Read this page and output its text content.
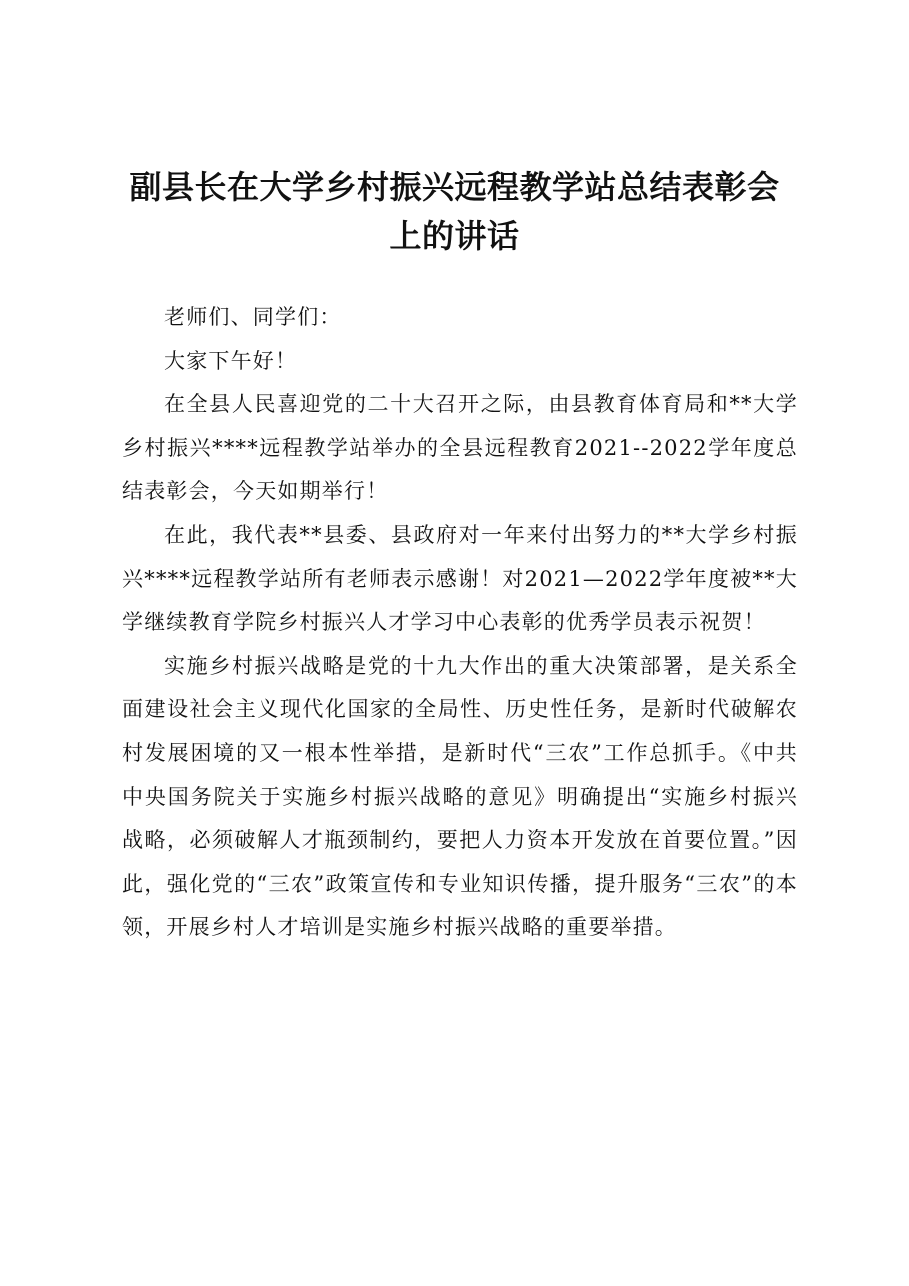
副县长在大学乡村振兴远程教学站总结表彰会
上的讲话

老师们、同学们：

大家下午好！

在全县人民喜迎党的二十大召开之际，由县教育体育局和**大学乡村振兴****远程教学站举办的全县远程教育2021--2022学年度总结表彰会，今天如期举行！

在此，我代表**县委、县政府对一年来付出努力的**大学乡村振兴****远程教学站所有老师表示感谢！对2021—2022学年度被**大学继续教育学院乡村振兴人才学习中心表彰的优秀学员表示祝贺！

实施乡村振兴战略是党的十九大作出的重大决策部署，是关系全面建设社会主义现代化国家的全局性、历史性任务，是新时代破解农村发展困境的又一根本性举措，是新时代“三农”工作总抓手。《中共中央国务院关于实施乡村振兴战略的意见》明确提出“实施乡村振兴战略，必须破解人才瓶颈制约，要把人力资本开发放在首要位置。”因此，强化党的“三农”政策宣传和专业知识传播，提升服务“三农”的本领，开展乡村人才培训是实施乡村振兴战略的重要举措。
